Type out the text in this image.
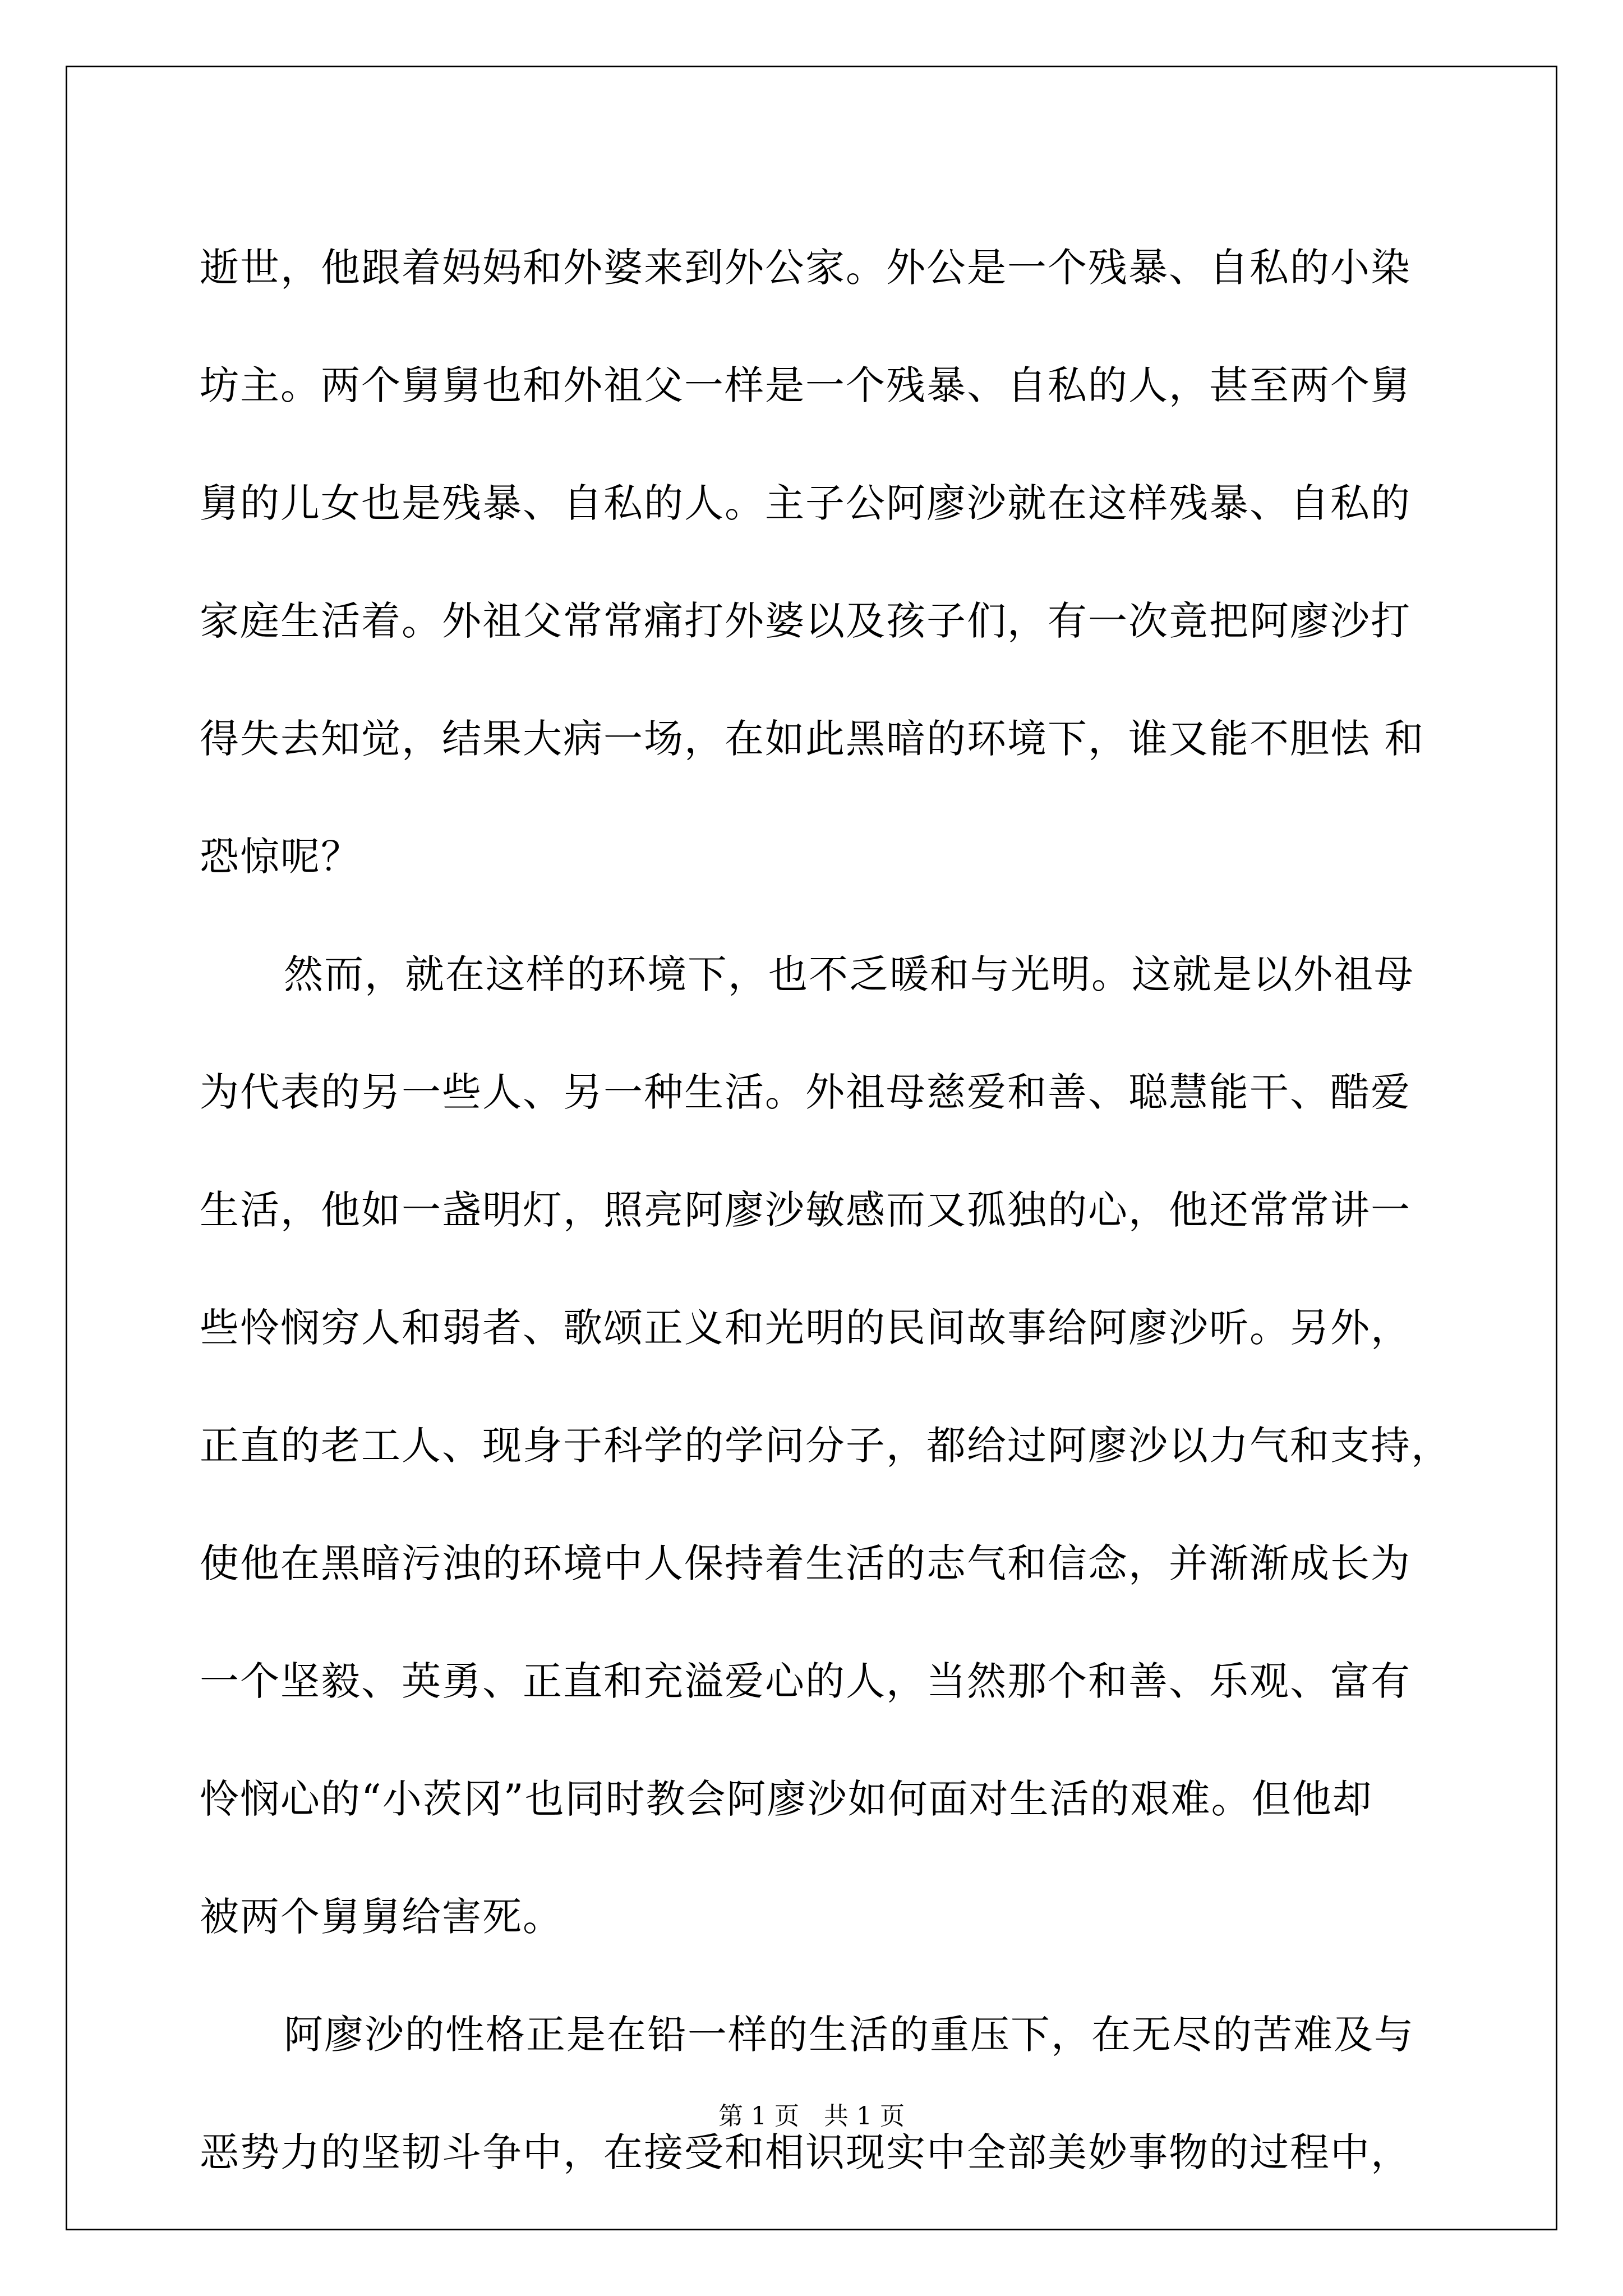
逝世，他跟着妈妈和外婆来到外公家。外公是一个残暴、自私的小染
坊主。两个舅舅也和外祖父一样是一个残暴、自私的人，甚至两个舅
舅的儿女也是残暴、自私的人。主子公阿廖沙就在这样残暴、自私的
家庭生活着。外祖父常常痛打外婆以及孩子们，有一次竟把阿廖沙打
得失去知觉，结果大病一场，在如此黑暗的环境下，谁又能不胆怯 和
恐惊呢？
然而，就在这样的环境下，也不乏暖和与光明。这就是以外祖母
为代表的另一些人、另一种生活。外祖母慈爱和善、聪慧能干、酷爱
生活，他如一盏明灯，照亮阿廖沙敏感而又孤独的心，他还常常讲一
些怜悯穷人和弱者、歌颂正义和光明的民间故事给阿廖沙听。另外，
正直的老工人、现身于科学的学问分子，都给过阿廖沙以力气和支持，
使他在黑暗污浊的环境中人保持着生活的志气和信念，并渐渐成长为
一个坚毅、英勇、正直和充溢爱心的人，当然那个和善、乐观、富有
怜悯心的“小茨冈”也同时教会阿廖沙如何面对生活的艰难。但他却
被两个舅舅给害死。
阿廖沙的性格正是在铅一样的生活的重压下，在无尽的苦难及与
恶势力的坚韧斗争中，在接受和相识现实中全部美妙事物的过程中，
第 1 页　共 1 页
